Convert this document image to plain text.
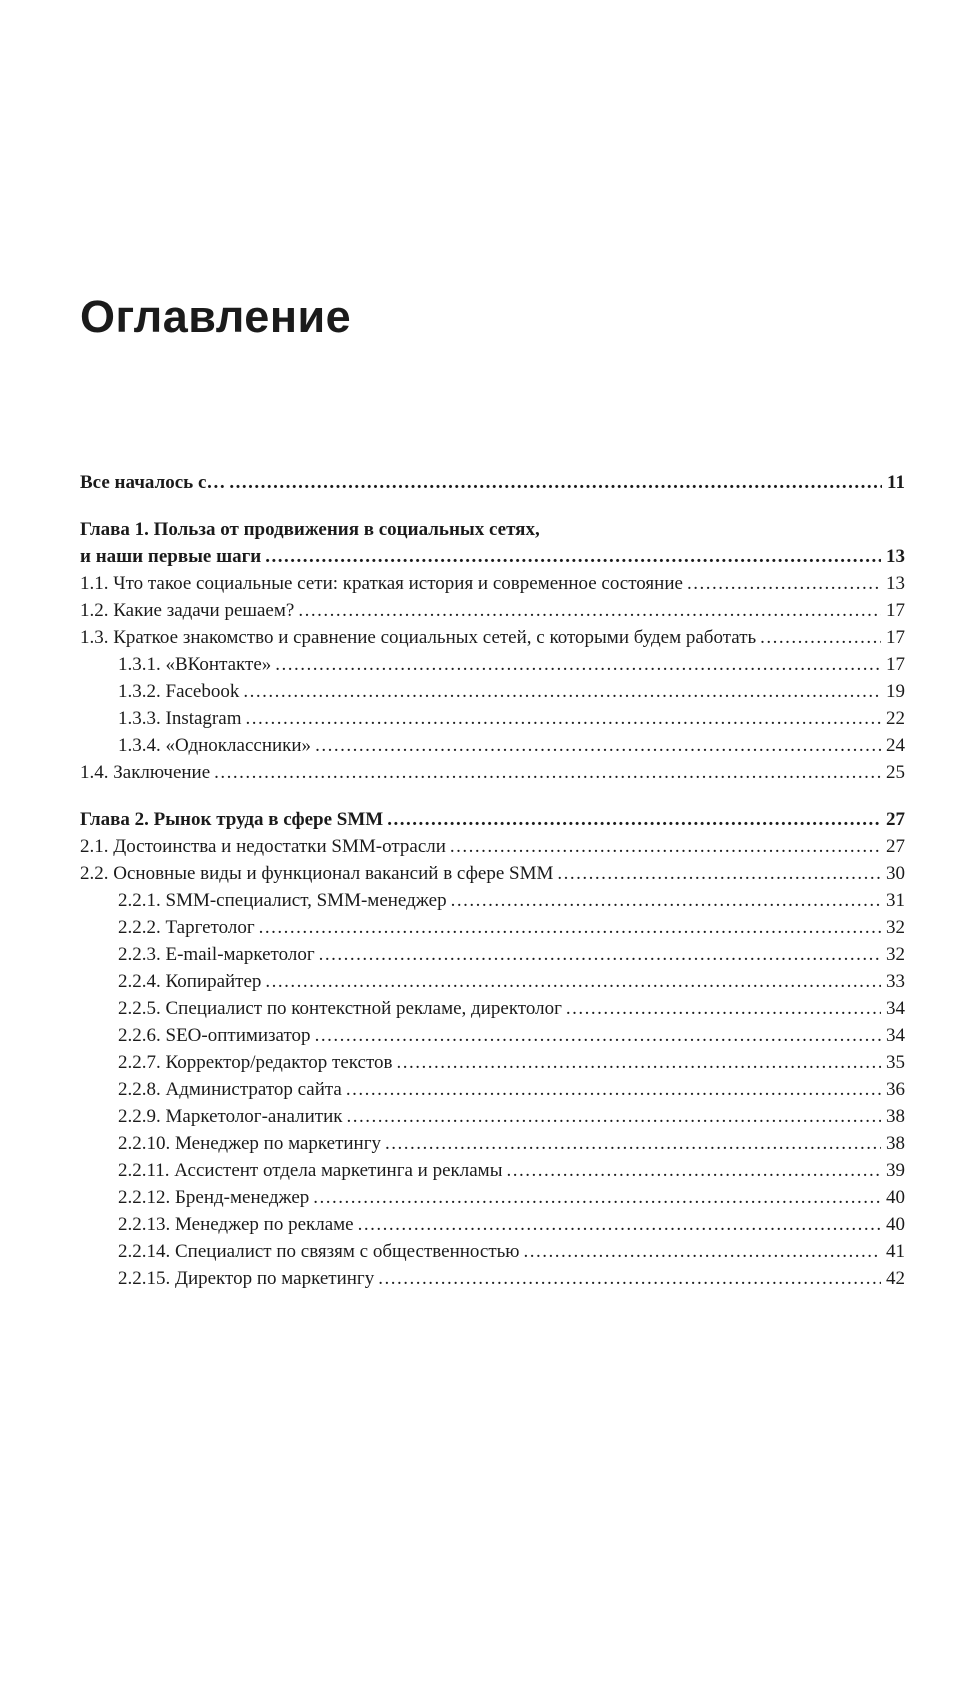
Оглавление
Все началось с… .....	11
Глава 1. Польза от продвижения в социальных сетях,
и наши первые шаги .....	13
1.1. Что такое социальные сети: краткая история и современное состояние .....	13
1.2. Какие задачи решаем? .....	17
1.3. Краткое знакомство и сравнение социальных сетей, с которыми будем работать .....	17
1.3.1. «ВКонтакте» .....	17
1.3.2. Facebook .....	19
1.3.3. Instagram .....	22
1.3.4. «Одноклассники» .....	24
1.4. Заключение .....	25
Глава 2. Рынок труда в сфере SMM .....	27
2.1. Достоинства и недостатки SMM-отрасли .....	27
2.2. Основные виды и функционал вакансий в сфере SMM .....	30
2.2.1. SMM-специалист, SMM-менеджер .....	31
2.2.2. Таргетолог .....	32
2.2.3. E-mail-маркетолог .....	32
2.2.4. Копирайтер .....	33
2.2.5. Специалист по контекстной рекламе, директолог .....	34
2.2.6. SEO-оптимизатор .....	34
2.2.7. Корректор/редактор текстов .....	35
2.2.8. Администратор сайта .....	36
2.2.9. Маркетолог-аналитик .....	38
2.2.10. Менеджер по маркетингу .....	38
2.2.11. Ассистент отдела маркетинга и рекламы .....	39
2.2.12. Бренд-менеджер .....	40
2.2.13. Менеджер по рекламе .....	40
2.2.14. Специалист по связям с общественностью .....	41
2.2.15. Директор по маркетингу .....	42
